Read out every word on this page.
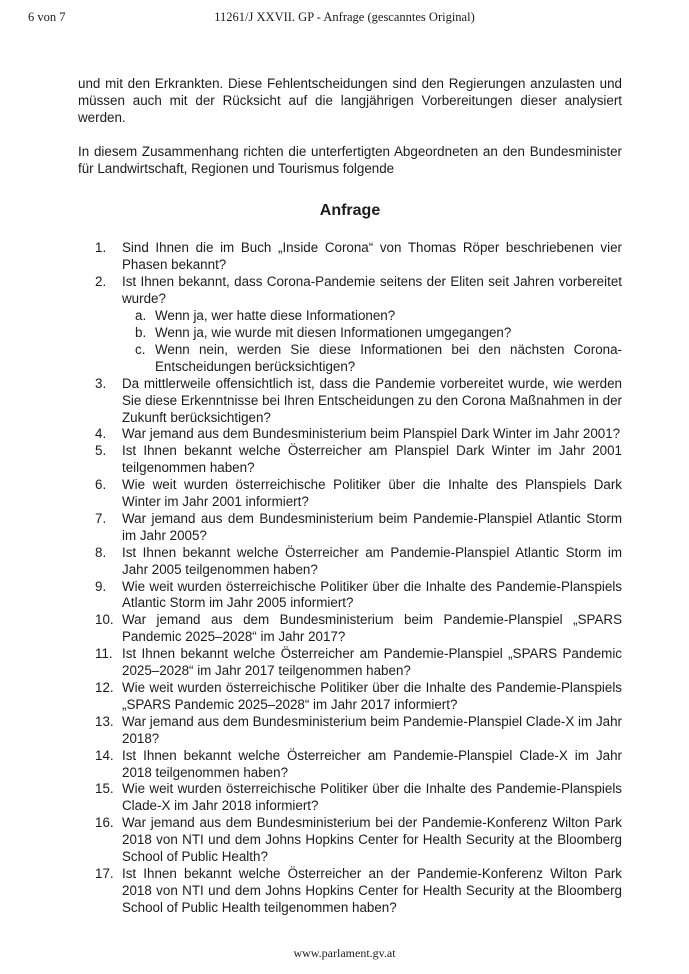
6 von 7	11261/J XXVII. GP - Anfrage (gescanntes Original)

und mit den Erkrankten. Diese Fehlentscheidungen sind den Regierungen anzulasten und müssen auch mit der Rücksicht auf die langjährigen Vorbereitungen dieser analysiert werden.

In diesem Zusammenhang richten die unterfertigten Abgeordneten an den Bundesminister für Landwirtschaft, Regionen und Tourismus folgende

Anfrage
1.	Sind Ihnen die im Buch „Inside Corona“ von Thomas Röper beschriebenen vier Phasen bekannt?
2.	Ist Ihnen bekannt, dass Corona-Pandemie seitens der Eliten seit Jahren vorbereitet wurde?
a. Wenn ja, wer hatte diese Informationen?
b. Wenn ja, wie wurde mit diesen Informationen umgegangen?
c. Wenn nein, werden Sie diese Informationen bei den nächsten Corona-Entscheidungen berücksichtigen?
3.	Da mittlerweile offensichtlich ist, dass die Pandemie vorbereitet wurde, wie werden Sie diese Erkenntnisse bei Ihren Entscheidungen zu den Corona Maßnahmen in der Zukunft berücksichtigen?
4.	War jemand aus dem Bundesministerium beim Planspiel Dark Winter im Jahr 2001?
5.	Ist Ihnen bekannt welche Österreicher am Planspiel Dark Winter im Jahr 2001 teilgenommen haben?
6.	Wie weit wurden österreichische Politiker über die Inhalte des Planspiels Dark Winter im Jahr 2001 informiert?
7.	War jemand aus dem Bundesministerium beim Pandemie-Planspiel Atlantic Storm im Jahr 2005?
8.	Ist Ihnen bekannt welche Österreicher am Pandemie-Planspiel Atlantic Storm im Jahr 2005 teilgenommen haben?
9.	Wie weit wurden österreichische Politiker über die Inhalte des Pandemie-Planspiels Atlantic Storm im Jahr 2005 informiert?
10. War jemand aus dem Bundesministerium beim Pandemie-Planspiel „SPARS Pandemic 2025–2028“ im Jahr 2017?
11. Ist Ihnen bekannt welche Österreicher am Pandemie-Planspiel „SPARS Pandemic 2025–2028“ im Jahr 2017 teilgenommen haben?
12. Wie weit wurden österreichische Politiker über die Inhalte des Pandemie-Planspiels „SPARS Pandemic 2025–2028“ im Jahr 2017 informiert?
13. War jemand aus dem Bundesministerium beim Pandemie-Planspiel Clade-X im Jahr 2018?
14. Ist Ihnen bekannt welche Österreicher am Pandemie-Planspiel Clade-X im Jahr 2018 teilgenommen haben?
15. Wie weit wurden österreichische Politiker über die Inhalte des Pandemie-Planspiels Clade-X im Jahr 2018 informiert?
16. War jemand aus dem Bundesministerium bei der Pandemie-Konferenz Wilton Park 2018 von NTI und dem Johns Hopkins Center for Health Security at the Bloomberg School of Public Health?
17. Ist Ihnen bekannt welche Österreicher an der Pandemie-Konferenz Wilton Park 2018 von NTI und dem Johns Hopkins Center for Health Security at the Bloomberg School of Public Health teilgenommen haben?
www.parlament.gv.at
